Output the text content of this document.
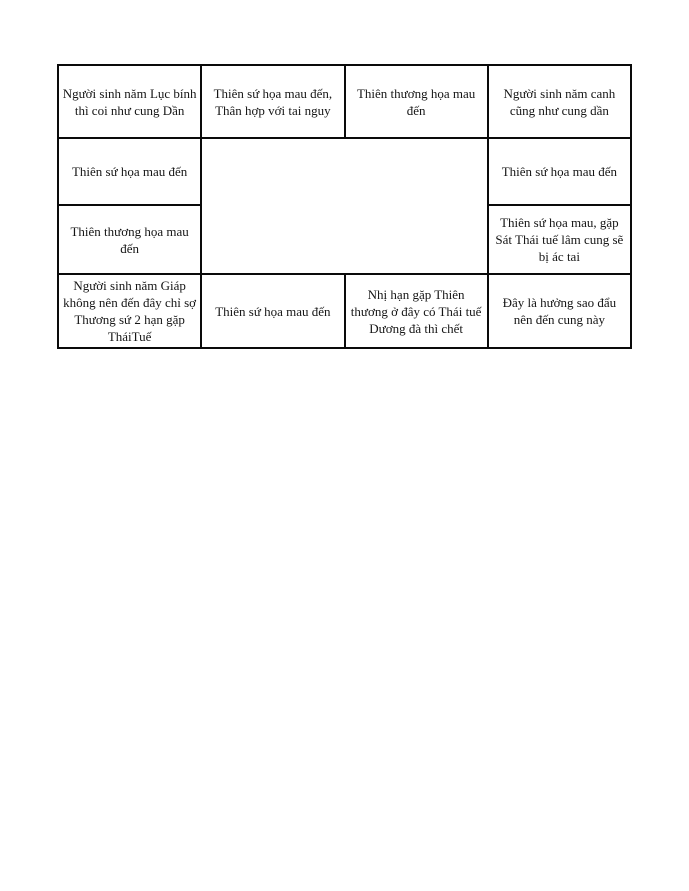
Người sinh năm Lục bính thì coi như cung Dần	Thiên sứ họa mau đến, Thân hợp với tai nguy	Thiên thương họa mau đến	Người sinh năm canh cũng như cung dần
Thiên sứ họa mau đến			Thiên sứ họa mau đến
Thiên thương họa mau đến			Thiên sứ họa mau, gặp Sát Thái tuế lâm cung sẽ bị ác tai
Người sinh năm Giáp không nên đến đây chỉ sợ Thương sứ 2 hạn gặp TháiTuế	Thiên sứ họa mau đến	Nhị hạn gặp Thiên thương ở đây có Thái tuế Dương đà thì chết	Đây là hưởng sao đẩu nên đến cung này
